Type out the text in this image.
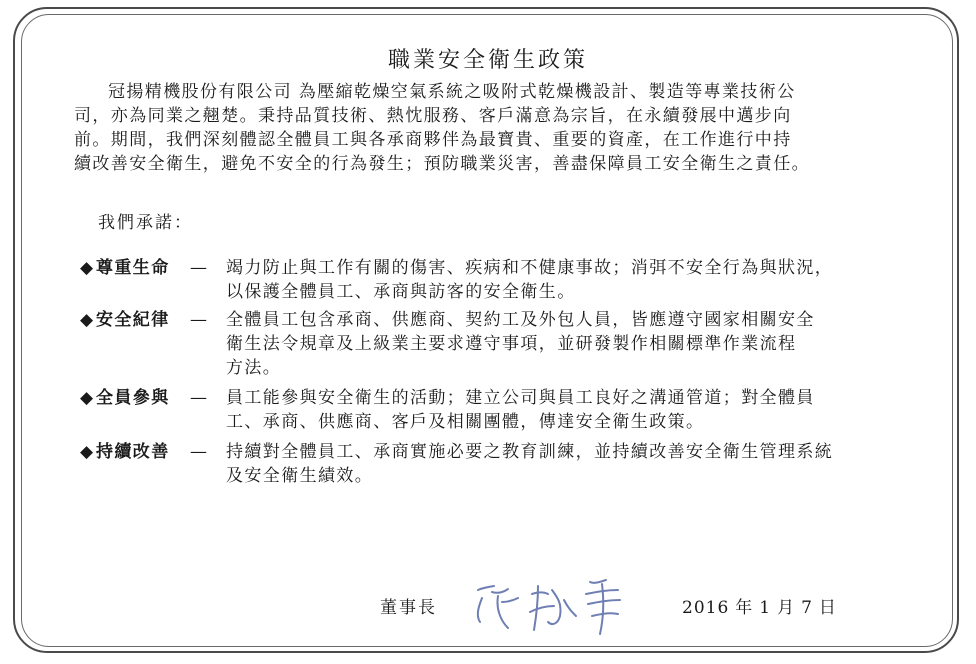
職業安全衛生政策
冠揚精機股份有限公司 為壓縮乾燥空氣系統之吸附式乾燥機設計、製造等專業技術公
司，亦為同業之翹楚。秉持品質技術、熱忱服務、客戶滿意為宗旨，在永續發展中邁步向
前。期間，我們深刻體認全體員工與各承商夥伴為最寶貴、重要的資產，在工作進行中持
續改善安全衛生，避免不安全的行為發生；預防職業災害，善盡保障員工安全衛生之責任。
我們承諾：
◆尊重生命 — 竭力防止與工作有關的傷害、疾病和不健康事故；消弭不安全行為與狀況，
以保護全體員工、承商與訪客的安全衛生。
◆安全紀律 — 全體員工包含承商、供應商、契約工及外包人員，皆應遵守國家相關安全
衛生法令規章及上級業主要求遵守事項，並研發製作相關標準作業流程
方法。
◆全員參與 — 員工能參與安全衛生的活動；建立公司與員工良好之溝通管道；對全體員
工、承商、供應商、客戶及相關團體，傳達安全衛生政策。
◆持續改善 — 持續對全體員工、承商實施必要之教育訓練，並持續改善安全衛生管理系統
及安全衛生績效。
董事長	2016 年 1 月 7 日
